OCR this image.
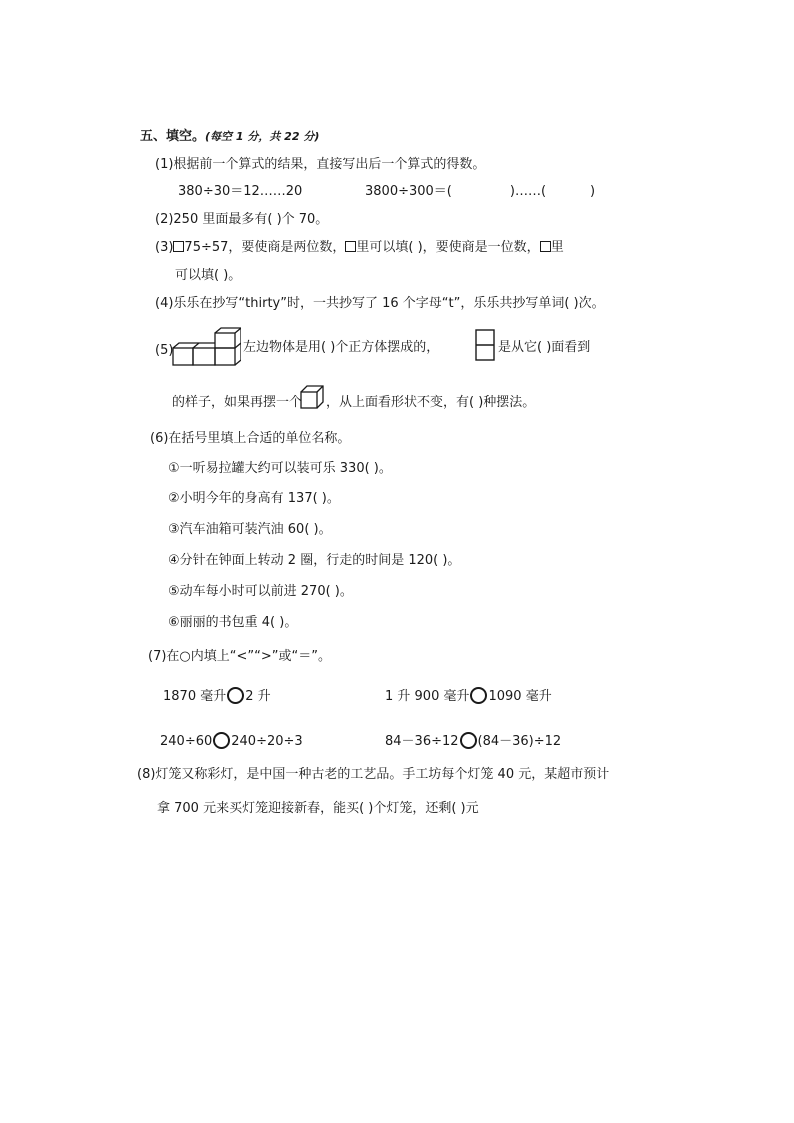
五、填空。(每空 1 分，共 22 分)
(1)根据前一个算式的结果，直接写出后一个算式的得数。
380÷30＝12……20	3800÷300＝(	)……(	)
(2)250 里面最多有( )个 70。
(3) 75÷57，要使商是两位数， 里可以填( )，要使商是一位数， 里
可以填( )。
(4)乐乐在抄写“thirty”时，一共抄写了 16 个字母“t”，乐乐共抄写单词( )次。
(5)	左边物体是用( )个正方体摆成的，	是从它( )面看到
的样子，如果再摆一个 ，从上面看形状不变，有( )种摆法。
(6)在括号里填上合适的单位名称。
①一听易拉罐大约可以装可乐 330( )。
②小明今年的身高有 137( )。
③汽车油箱可装汽油 60( )。
④分针在钟面上转动 2 圈，行走的时间是 120( )。
⑤动车每小时可以前进 270( )。
⑥丽丽的书包重 4( )。
(7)在○内填上“<”“>”或“＝”。
1870 毫升 2 升	1 升 900 毫升 1090 毫升
240÷60 240÷20÷3	84－36÷12 (84－36)÷12
(8)灯笼又称彩灯，是中国一种古老的工艺品。手工坊每个灯笼 40 元，某超市预计
拿 700 元来买灯笼迎接新春，能买( )个灯笼，还剩( )元
